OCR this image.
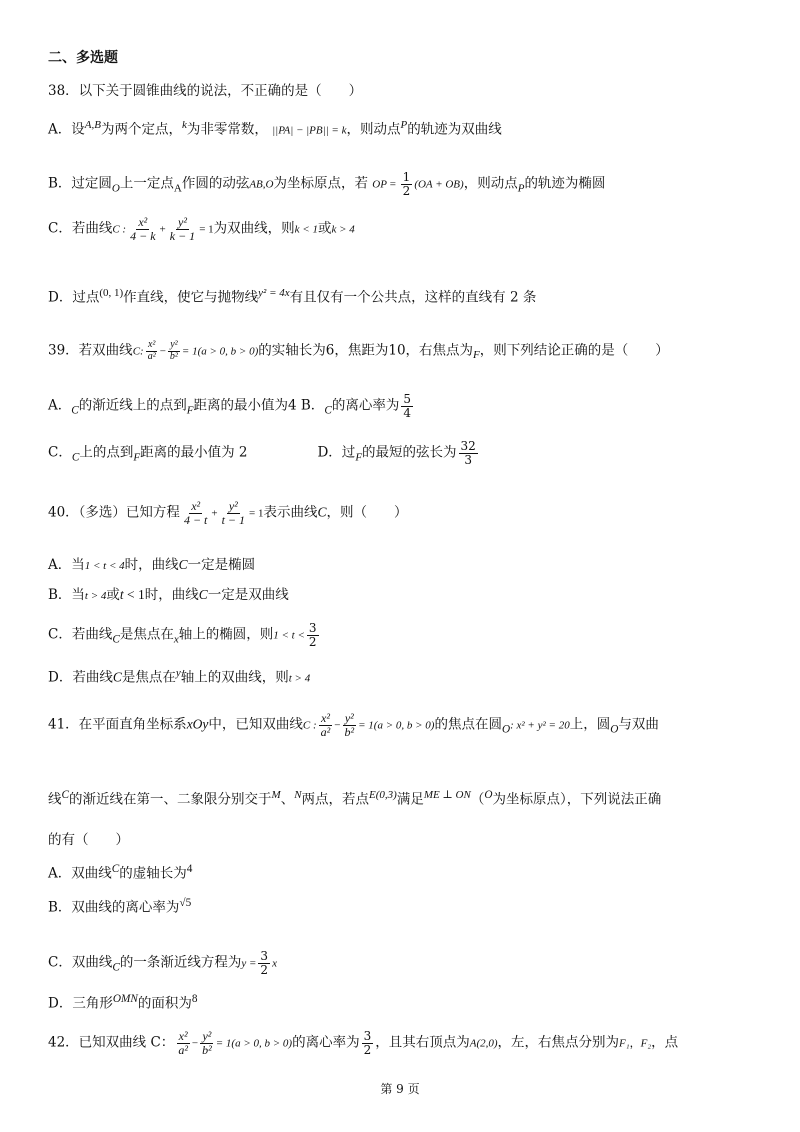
二、多选题
38．以下关于圆锥曲线的说法，不正确的是（　　）
A．设$^{A,B}$为两个定点，$^k$为非零常数， ||PA| − |PB|| = k，则动点$^P$的轨迹为双曲线
B．过定圆$_O$上一定点$_A$作圆的动弦AB,O为坐标原点，若 OP = $\frac{1}{2} (OA + OB)$，则动点$_P$的轨迹为椭圆
C．若曲线C : $\frac{\text{x²}}{4 - k} + \frac{\text{y²}}{k - 1} = 1$为双曲线，则k < 1或k > 4
D．过点$^{(0, 1)}$作直线，使它与抛物线$^{y^2 = 4x}$有且仅有一个公共点，这样的直线有 2 条
39．若双曲线C: $\frac{\text{x²}}{\text{a²}} - \frac{\text{y²}}{\text{b²}} = 1(a > 0$, b > 0)的实轴长为6，焦距为10，右焦点为$_F$，则下列结论正确的是（　　）
A．$_C$的渐近线上的点到$_F$距离的最小值为4 B．$_C$的离心率为 $\frac{5}{4}$
C．$_C$上的点到$_F$距离的最小值为 2	D．过$_F$的最短的弦长为 $\frac{32}{3}$
40．（多选）已知方程 $\frac{\text{x²}}{4 - t} + \frac{\text{y²}}{t - 1} = 1$表示曲线C，则（　　）
A．当1 < t < 4时，曲线C一定是椭圆
B．当t > 4或t < 1时，曲线C一定是双曲线
C．若曲线$_C$是焦点在$_x$轴上的椭圆，则$1 < t < \frac{3}{2}$
D．若曲线C是焦点在$^y$轴上的双曲线，则t > 4
41．在平面直角坐标系xOy中，已知双曲线C : $\frac{\text{x²}}{\text{a²}} - \frac{\text{y²}}{\text{b²}} = 1(a > 0$, b > 0)的焦点在圆$_O$: x² + y² = 20上，圆$_O$与双曲
线$^C$的渐近线在第一、二象限分别交于$^M$、$^N$两点，若点$^{E(0,3)}$满足$^{ME \perp ON}$（$^O$为坐标原点），下列说法正确
的有（　　）
A．双曲线$^C$的虚轴长为$^4$
B．双曲线的离心率为$^{√5}$
C．双曲线$_C$的一条渐近线方程为$y = \frac{3}{2}$ x
D．三角形$^{OMN}$的面积为$^8$
42．已知双曲线 C： $\frac{\text{x²}}{\text{a²}} - \frac{\text{y²}}{\text{b²}} = 1(a > 0$, b > 0)的离心率为 $\frac{3}{2}$ ，且其右顶点为A(2,0)，左，右焦点分别为F₁，F₂，点
第 9 页
